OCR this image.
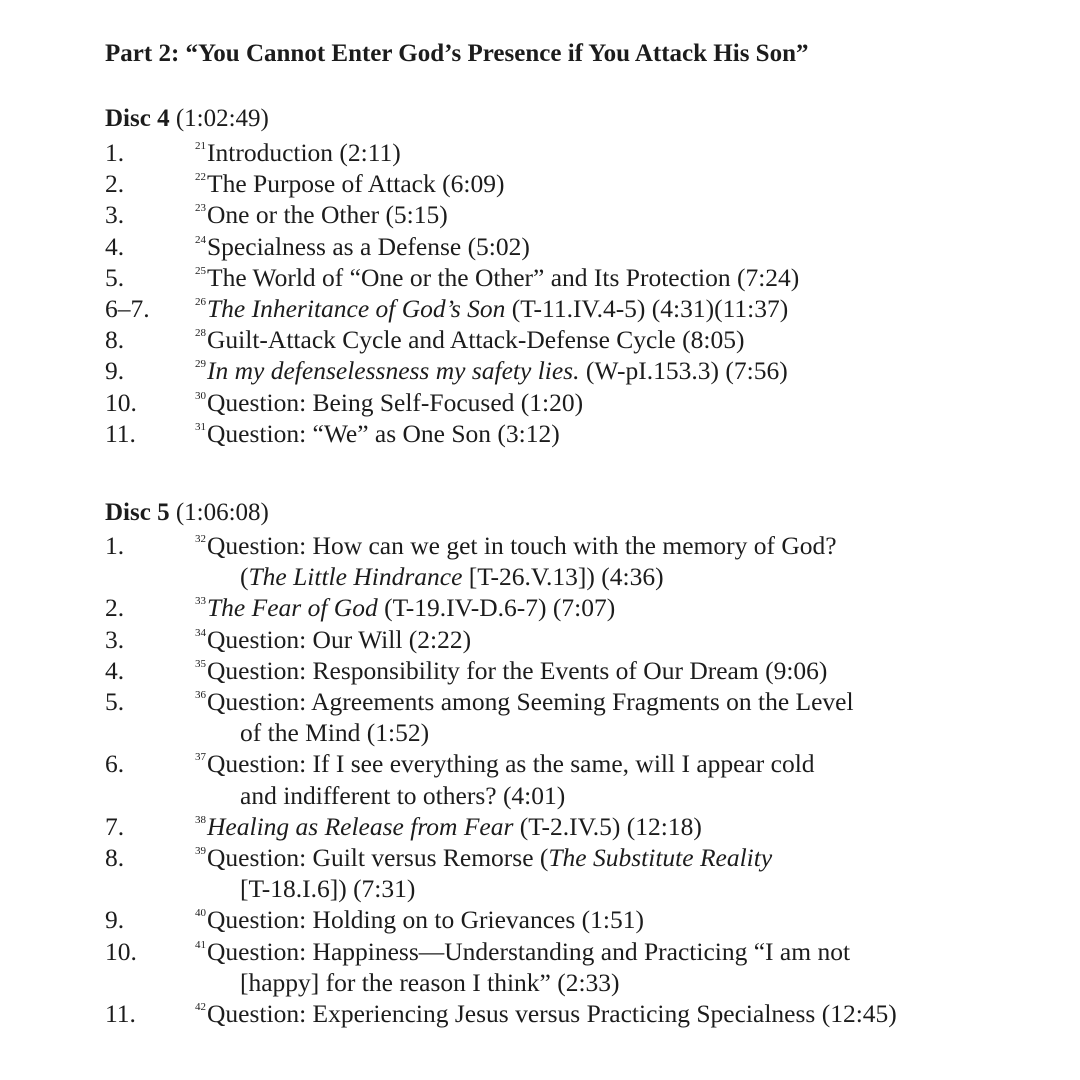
Part 2: “You Cannot Enter God’s Presence if You Attack His Son”
Disc 4 (1:02:49)
1.	$^{21}$Introduction (2:11)
2.	$^{22}$The Purpose of Attack (6:09)
3.	$^{23}$One or the Other (5:15)
4.	$^{24}$Specialness as a Defense (5:02)
5.	$^{25}$The World of “One or the Other” and Its Protection (7:24)
6–7.	$^{26}$The Inheritance of God’s Son (T-11.IV.4-5) (4:31)(11:37)
8.	$^{28}$Guilt-Attack Cycle and Attack-Defense Cycle (8:05)
9.	$^{29}$In my defenselessness my safety lies. (W-pI.153.3) (7:56)
10.	$^{30}$Question: Being Self-Focused (1:20)
11.	$^{31}$Question: “We” as One Son (3:12)
Disc 5 (1:06:08)
1.	$^{32}$Question: How can we get in touch with the memory of God?
(The Little Hindrance [T-26.V.13]) (4:36)
2.	$^{33}$The Fear of God (T-19.IV-D.6-7) (7:07)
3.	$^{34}$Question: Our Will (2:22)
4.	$^{35}$Question: Responsibility for the Events of Our Dream (9:06)
5.	$^{36}$Question: Agreements among Seeming Fragments on the Level
of the Mind (1:52)
6.	$^{37}$Question: If I see everything as the same, will I appear cold
and indifferent to others? (4:01)
7.	$^{38}$Healing as Release from Fear (T-2.IV.5) (12:18)
8.	$^{39}$Question: Guilt versus Remorse (The Substitute Reality
[T-18.I.6]) (7:31)
9.	$^{40}$Question: Holding on to Grievances (1:51)
10.	$^{41}$Question: Happiness—Understanding and Practicing “I am not
[happy] for the reason I think” (2:33)
11.	$^{42}$Question: Experiencing Jesus versus Practicing Specialness (12:45)
